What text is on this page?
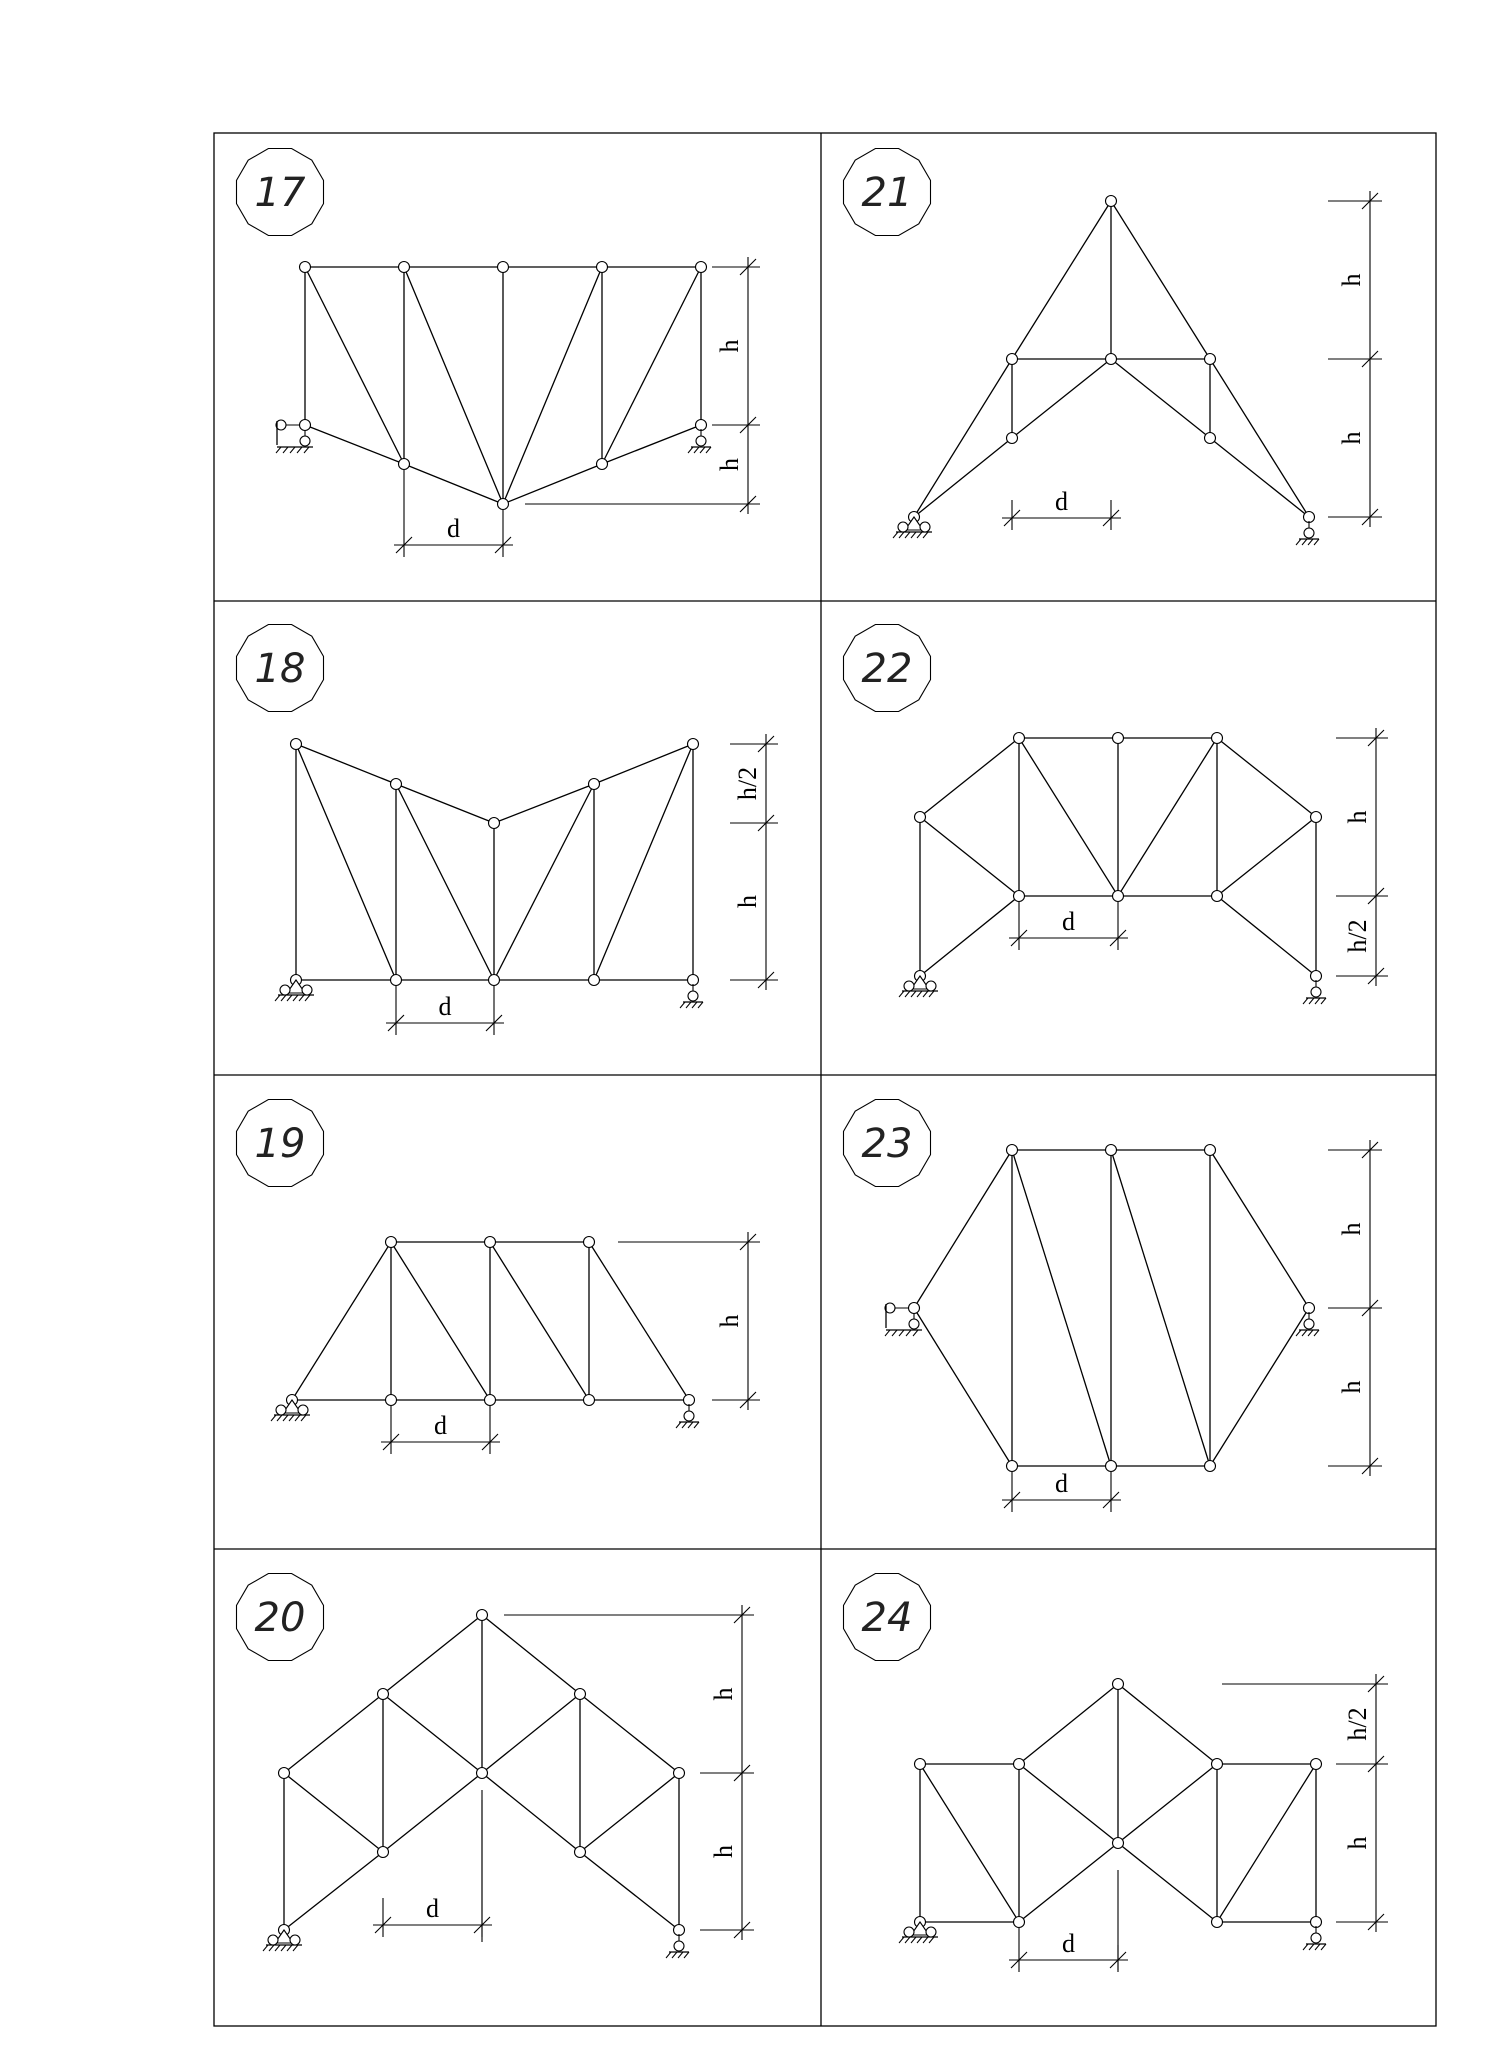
17
h
h
d
21
h
h
d
18
h/2
h
d
22
h
h/2
d
19
h
d
23
h
h
d
20
h
h
d
24
h/2
h
d
